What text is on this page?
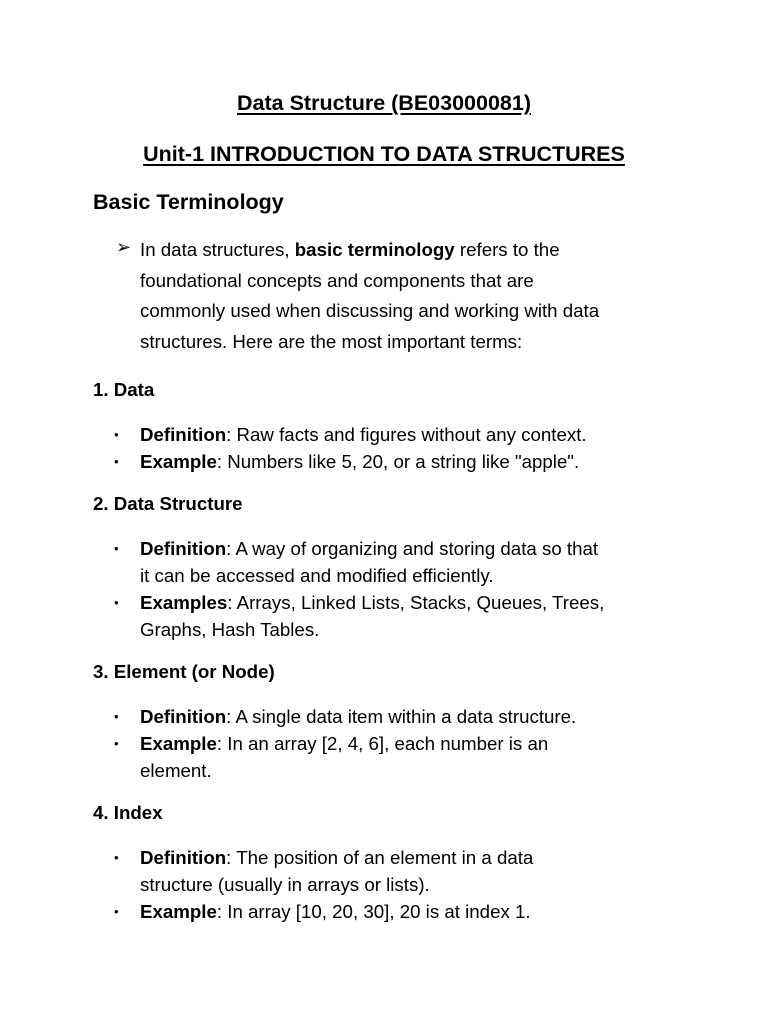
Data Structure (BE03000081)
Unit-1 INTRODUCTION TO DATA STRUCTURES
Basic Terminology
➢ In data structures, basic terminology refers to the
foundational concepts and components that are
commonly used when discussing and working with data
structures. Here are the most important terms:
1. Data
• Definition: Raw facts and figures without any context.
• Example: Numbers like 5, 20, or a string like "apple".
2. Data Structure
• Definition: A way of organizing and storing data so that
it can be accessed and modified efficiently.
• Examples: Arrays, Linked Lists, Stacks, Queues, Trees,
Graphs, Hash Tables.
3. Element (or Node)
• Definition: A single data item within a data structure.
• Example: In an array [2, 4, 6], each number is an
element.
4. Index
• Definition: The position of an element in a data
structure (usually in arrays or lists).
• Example: In array [10, 20, 30], 20 is at index 1.
